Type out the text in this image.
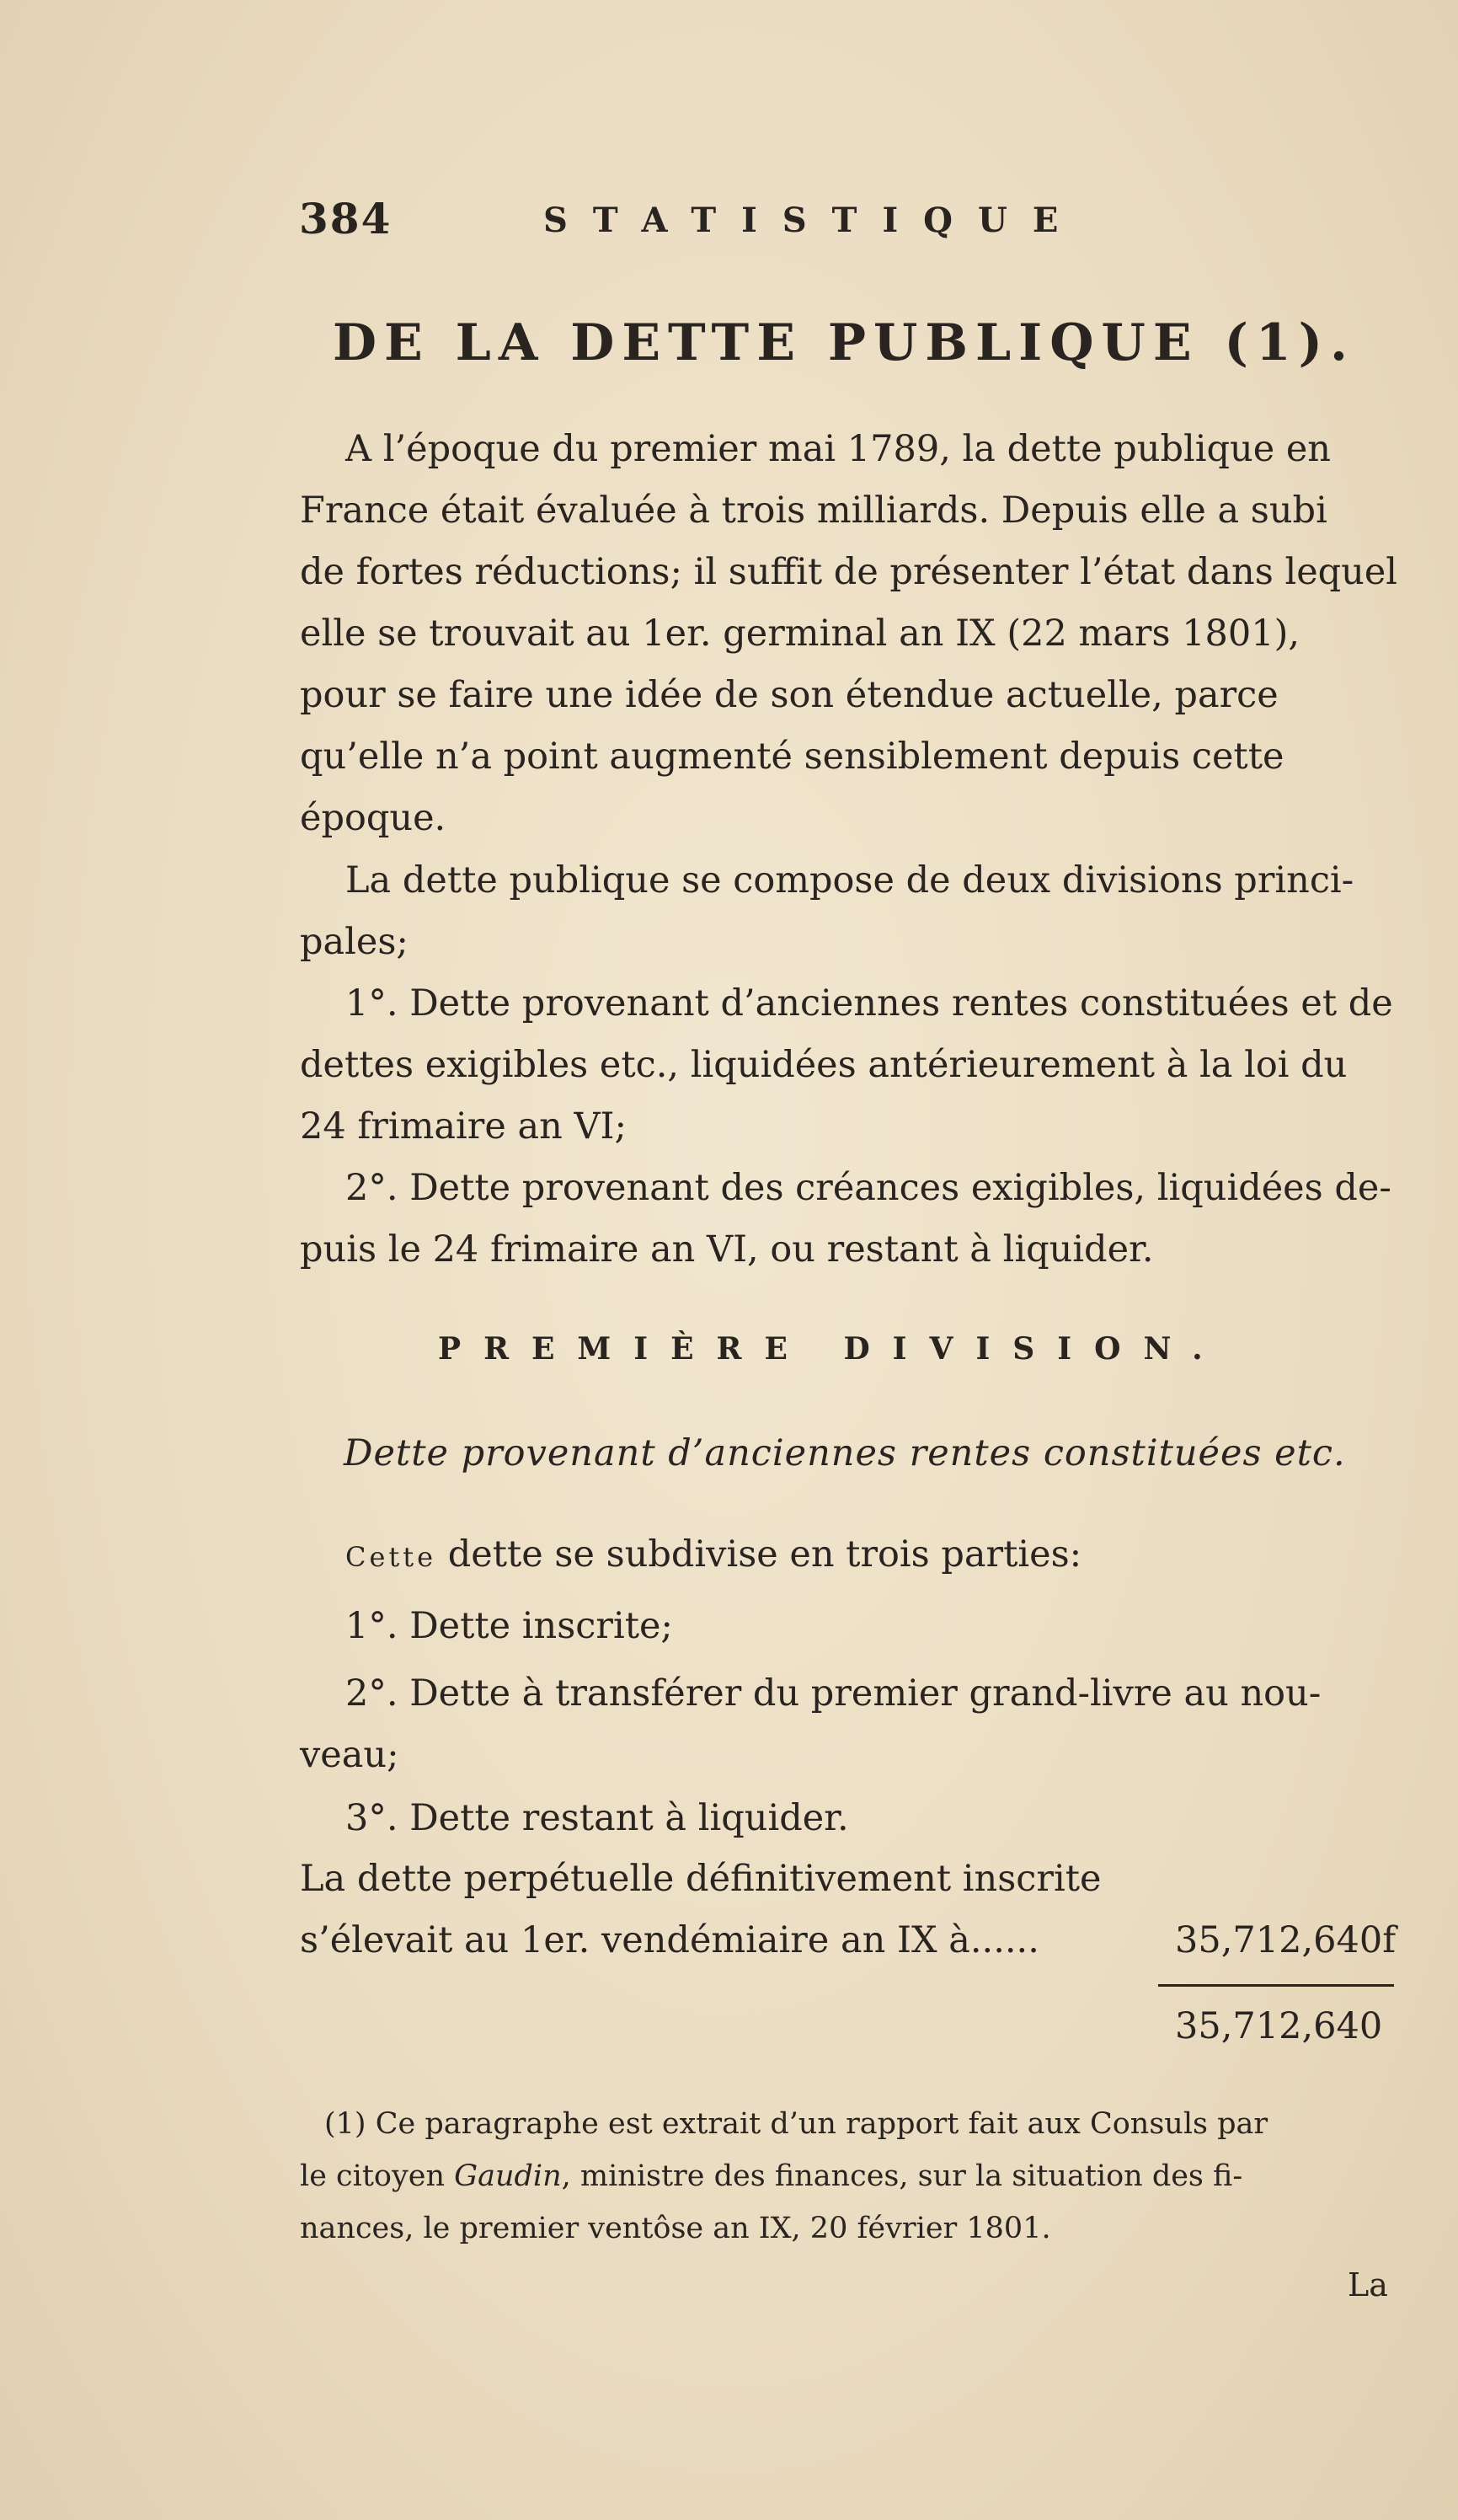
384	STATISTIQUE
DE LA DETTE PUBLIQUE (1).
A l’époque du premier mai 1789, la dette publique en
France était évaluée à trois milliards. Depuis elle a subi
de fortes réductions; il suffit de présenter l’état dans lequel
elle se trouvait au 1er. germinal an IX (22 mars 1801),
pour se faire une idée de son étendue actuelle, parce
qu’elle n’a point augmenté sensiblement depuis cette
époque.
La dette publique se compose de deux divisions princi-
pales;
1°. Dette provenant d’anciennes rentes constituées et de
dettes exigibles etc., liquidées antérieurement à la loi du
24 frimaire an VI;
2°. Dette provenant des créances exigibles, liquidées de-
puis le 24 frimaire an VI, ou restant à liquider.
PREMIÈRE DIVISION.
Dette provenant d’anciennes rentes constituées etc.
Cette dette se subdivise en trois parties:
1°. Dette inscrite;
2°. Dette à transférer du premier grand-livre au nou-
veau;
3°. Dette restant à liquider.
La dette perpétuelle définitivement inscrite
s’élevait au 1er. vendémiaire an IX à......	35,712,640f
35,712,640
(1) Ce paragraphe est extrait d’un rapport fait aux Consuls par
le citoyen Gaudin, ministre des finances, sur la situation des fi-
nances, le premier ventôse an IX, 20 février 1801.
La
